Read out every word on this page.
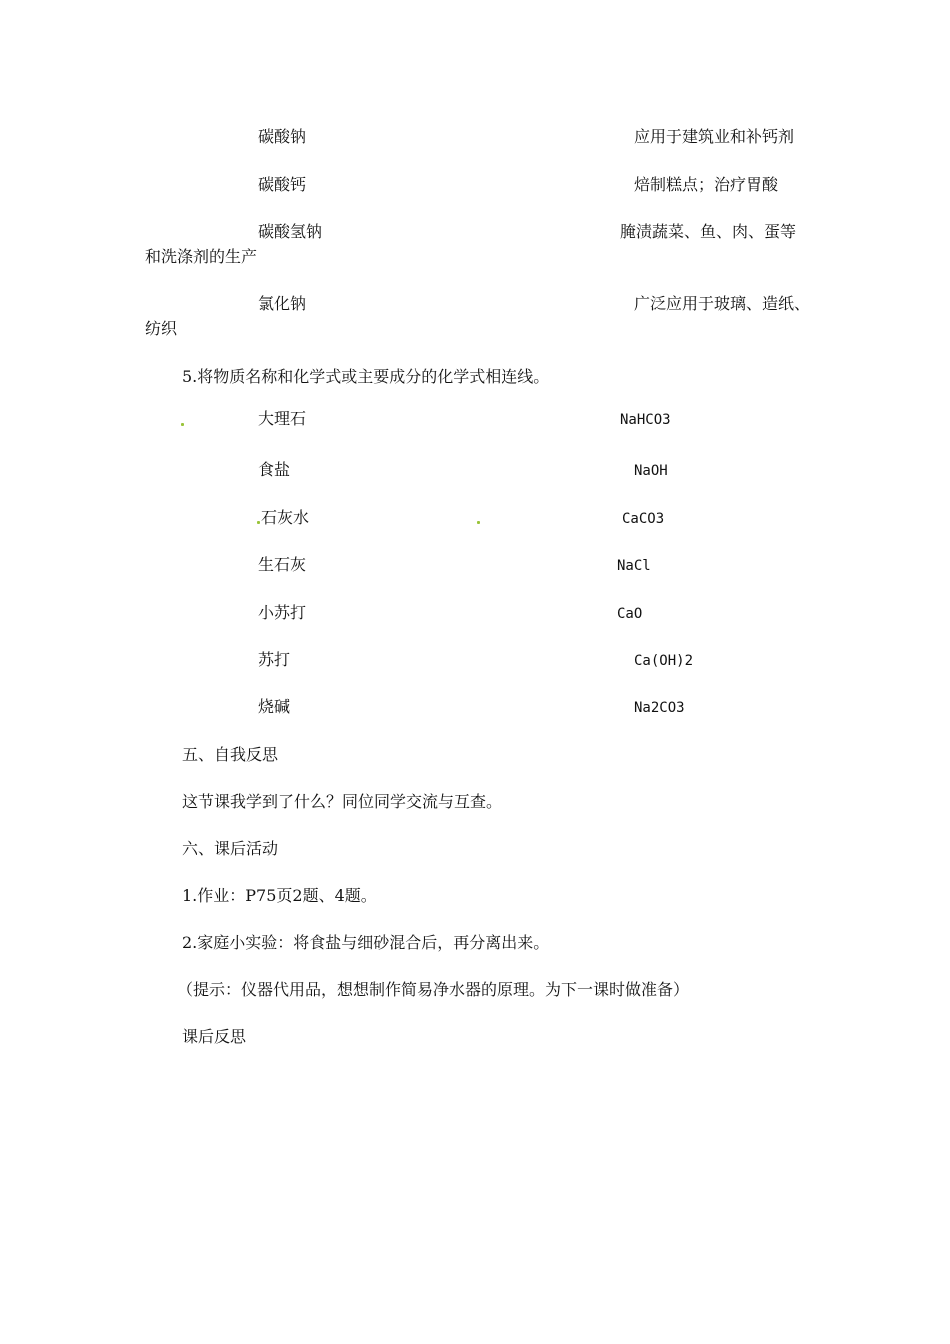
碳酸钠	应用于建筑业和补钙剂
碳酸钙	焙制糕点；治疗胃酸
碳酸氢钠	腌渍蔬菜、鱼、肉、蛋等
和洗涤剂的生产
氯化钠	广泛应用于玻璃、造纸、
纺织
5.将物质名称和化学式或主要成分的化学式相连线。
大理石	NaHCO3
食盐	NaOH
石灰水	CaCO3
生石灰	NaCl
小苏打	CaO
苏打	Ca(OH)2
烧碱	Na2CO3
五、自我反思
这节课我学到了什么？同位同学交流与互查。
六、课后活动
1.作业：P75页2题、4题。
2.家庭小实验：将食盐与细砂混合后，再分离出来。
（提示：仪器代用品，想想制作简易净水器的原理。为下一课时做准备）
课后反思
